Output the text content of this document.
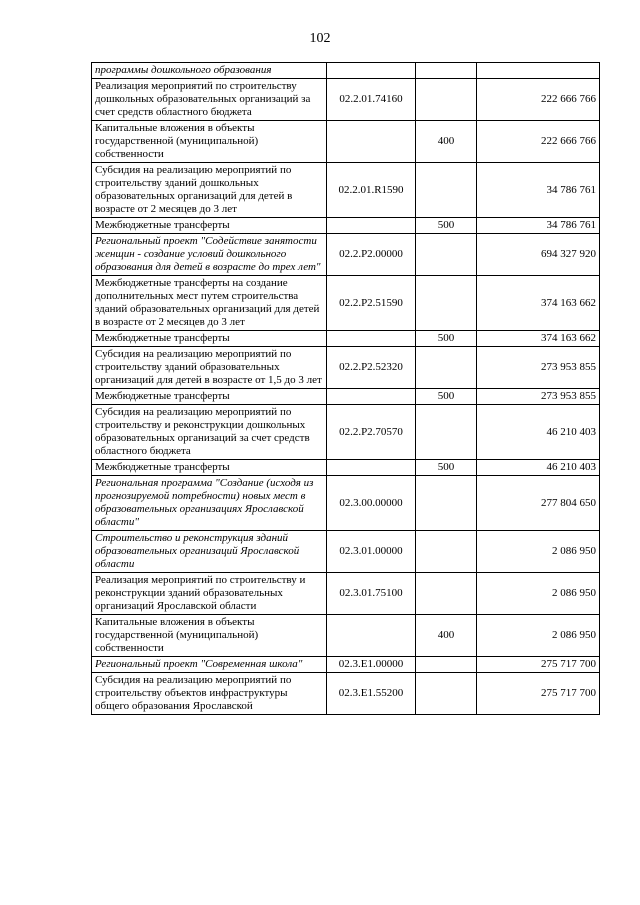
102
программы дошкольного образования			
Реализация мероприятий по строительству дошкольных образовательных организаций за счет средств областного бюджета	02.2.01.74160		222 666 766
Капитальные вложения в объекты государственной (муниципальной) собственности		400	222 666 766
Субсидия на реализацию мероприятий по строительству зданий дошкольных образовательных организаций для детей в возрасте от 2 месяцев до 3 лет	02.2.01.R1590		34 786 761
Межбюджетные трансферты		500	34 786 761
Региональный проект "Содействие занятости женщин - создание условий дошкольного образования для детей в возрасте до трех лет"	02.2.P2.00000		694 327 920
Межбюджетные трансферты на создание дополнительных мест путем строительства зданий образовательных организаций для детей в возрасте от 2 месяцев до 3 лет	02.2.P2.51590		374 163 662
Межбюджетные трансферты		500	374 163 662
Субсидия на реализацию мероприятий по строительству зданий образовательных организаций для детей в возрасте от 1,5 до 3 лет	02.2.P2.52320		273 953 855
Межбюджетные трансферты		500	273 953 855
Субсидия на реализацию мероприятий по строительству и реконструкции дошкольных образовательных организаций за счет средств областного бюджета	02.2.P2.70570		46 210 403
Межбюджетные трансферты		500	46 210 403
Региональная программа "Создание (исходя из прогнозируемой потребности) новых мест в образовательных организациях Ярославской области"	02.3.00.00000		277 804 650
Строительство и реконструкция зданий образовательных организаций Ярославской области	02.3.01.00000		2 086 950
Реализация мероприятий по строительству и реконструкции зданий образовательных организаций Ярославской области	02.3.01.75100		2 086 950
Капитальные вложения в объекты государственной (муниципальной) собственности		400	2 086 950
Региональный проект "Современная школа"	02.3.E1.00000		275 717 700
Субсидия на реализацию мероприятий по строительству объектов инфраструктуры общего образования Ярославской	02.3.E1.55200		275 717 700
